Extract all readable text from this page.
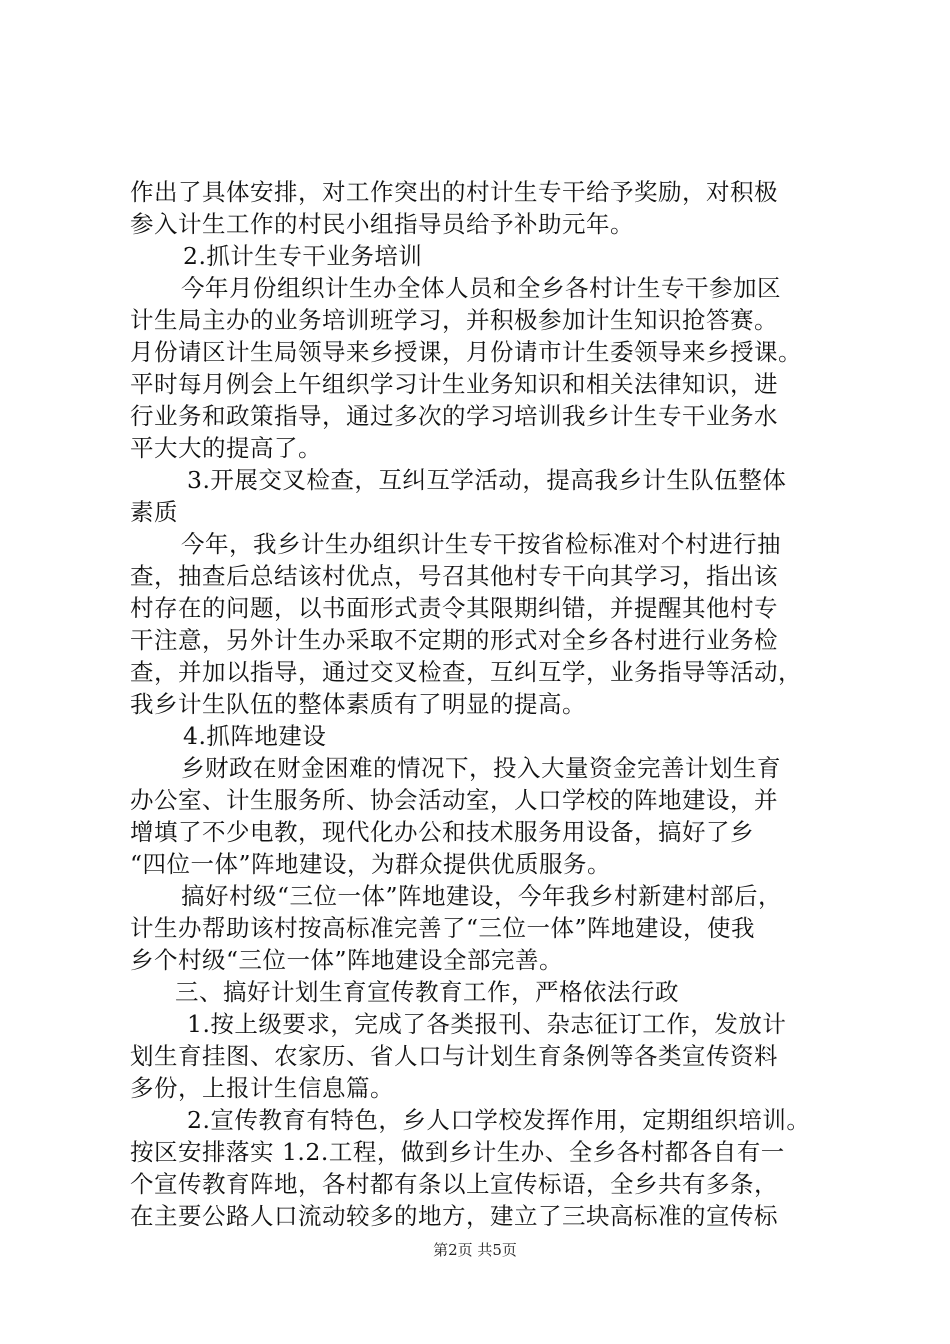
作出了具体安排，对工作突出的村计生专干给予奖励，对积极
参入计生工作的村民小组指导员给予补助元年。
2.抓计生专干业务培训
今年月份组织计生办全体人员和全乡各村计生专干参加区
计生局主办的业务培训班学习，并积极参加计生知识抢答赛。
月份请区计生局领导来乡授课，月份请市计生委领导来乡授课。
平时每月例会上午组织学习计生业务知识和相关法律知识，进
行业务和政策指导，通过多次的学习培训我乡计生专干业务水
平大大的提高了。
3.开展交叉检查，互纠互学活动，提高我乡计生队伍整体
素质
今年，我乡计生办组织计生专干按省检标准对个村进行抽
查，抽查后总结该村优点，号召其他村专干向其学习，指出该
村存在的问题，以书面形式责令其限期纠错，并提醒其他村专
干注意，另外计生办采取不定期的形式对全乡各村进行业务检
查，并加以指导，通过交叉检查，互纠互学，业务指导等活动，
我乡计生队伍的整体素质有了明显的提高。
4.抓阵地建设
乡财政在财金困难的情况下，投入大量资金完善计划生育
办公室、计生服务所、协会活动室，人口学校的阵地建设，并
增填了不少电教，现代化办公和技术服务用设备，搞好了乡
“四位一体”阵地建设，为群众提供优质服务。
搞好村级“三位一体”阵地建设，今年我乡村新建村部后，
计生办帮助该村按高标准完善了“三位一体”阵地建设，使我
乡个村级“三位一体”阵地建设全部完善。
三、搞好计划生育宣传教育工作，严格依法行政
1.按上级要求，完成了各类报刊、杂志征订工作，发放计
划生育挂图、农家历、省人口与计划生育条例等各类宣传资料
多份，上报计生信息篇。
2.宣传教育有特色，乡人口学校发挥作用，定期组织培训。
按区安排落实 1.2.工程，做到乡计生办、全乡各村都各自有一
个宣传教育阵地，各村都有条以上宣传标语，全乡共有多条，
在主要公路人口流动较多的地方，建立了三块高标准的宣传标
第2页 共5页
